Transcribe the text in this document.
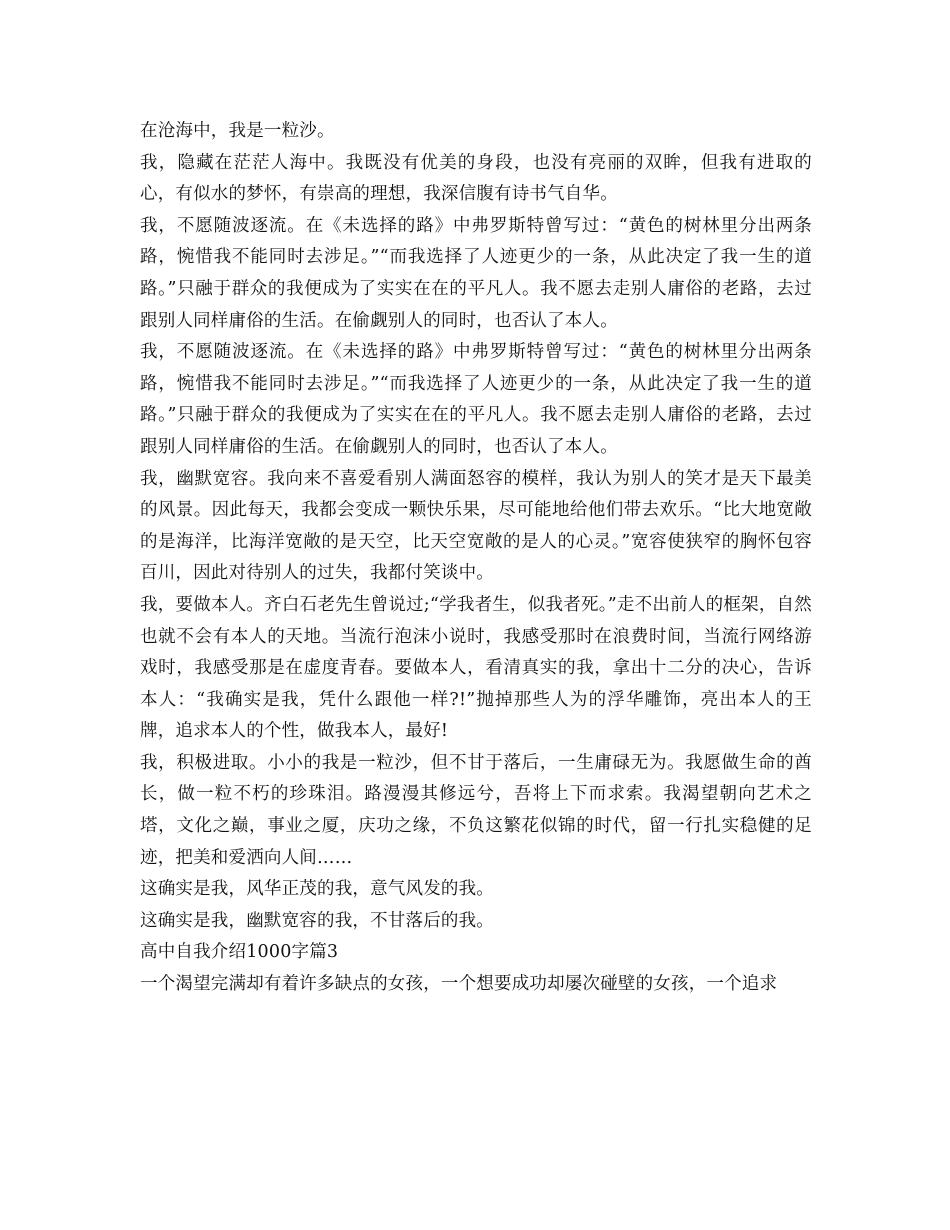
在沧海中，我是一粒沙。

我，隐藏在茫茫人海中。我既没有优美的身段，也没有亮丽的双眸，但我有进取的心，有似水的梦怀，有崇高的理想，我深信腹有诗书气自华。

我，不愿随波逐流。在《未选择的路》中弗罗斯特曾写过：“黄色的树林里分出两条路，惋惜我不能同时去涉足。”“而我选择了人迹更少的一条，从此决定了我一生的道路。”只融于群众的我便成为了实实在在的平凡人。我不愿去走别人庸俗的老路，去过跟别人同样庸俗的生活。在偷觑别人的同时，也否认了本人。

我，不愿随波逐流。在《未选择的路》中弗罗斯特曾写过：“黄色的树林里分出两条路，惋惜我不能同时去涉足。”“而我选择了人迹更少的一条，从此决定了我一生的道路。”只融于群众的我便成为了实实在在的平凡人。我不愿去走别人庸俗的老路，去过跟别人同样庸俗的生活。在偷觑别人的同时，也否认了本人。

我，幽默宽容。我向来不喜爱看别人满面怒容的模样，我认为别人的笑才是天下最美的风景。因此每天，我都会变成一颗快乐果，尽可能地给他们带去欢乐。“比大地宽敞的是海洋，比海洋宽敞的是天空，比天空宽敞的是人的心灵。”宽容使狭窄的胸怀包容百川，因此对待别人的过失，我都付笑谈中。

我，要做本人。齐白石老先生曾说过;“学我者生，似我者死。”走不出前人的框架，自然也就不会有本人的天地。当流行泡沫小说时，我感受那时在浪费时间，当流行网络游戏时，我感受那是在虚度青春。要做本人，看清真实的我，拿出十二分的决心，告诉本人：“我确实是我，凭什么跟他一样?!”抛掉那些人为的浮华雕饰，亮出本人的王牌，追求本人的个性，做我本人，最好!

我，积极进取。小小的我是一粒沙，但不甘于落后，一生庸碌无为。我愿做生命的酋长，做一粒不朽的珍珠泪。路漫漫其修远兮，吾将上下而求索。我渴望朝向艺术之塔，文化之巅，事业之厦，庆功之缘，不负这繁花似锦的时代，留一行扎实稳健的足迹，把美和爱洒向人间……

这确实是我，风华正茂的我，意气风发的我。

这确实是我，幽默宽容的我，不甘落后的我。

高中自我介绍1000字篇3

一个渴望完满却有着许多缺点的女孩，一个想要成功却屡次碰壁的女孩，一个追求
